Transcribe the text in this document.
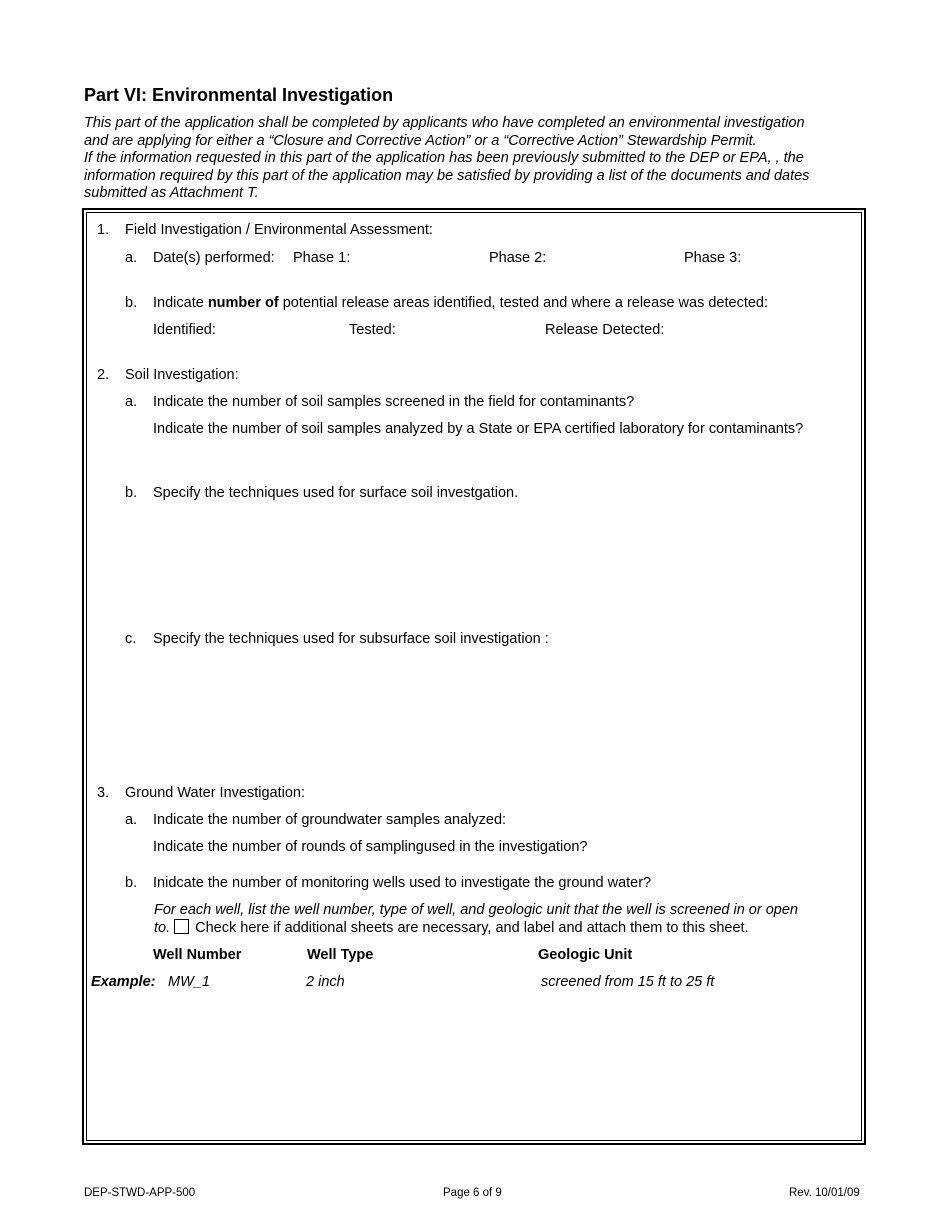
Part VI: Environmental Investigation
This part of the application shall be completed by applicants who have completed an environmental investigation
and are applying for either a “Closure and Corrective Action” or a “Corrective Action” Stewardship Permit.
If the information requested in this part of the application has been previously submitted to the DEP or EPA, , the
information required by this part of the application may be satisfied by providing a list of the documents and dates
submitted as Attachment T.
1. Field Investigation / Environmental Assessment:
a. Date(s) performed: Phase 1:	Phase 2:	Phase 3:
b. Indicate number of potential release areas identified, tested and where a release was detected:
Identified:	Tested:	Release Detected:
2. Soil Investigation:
a. Indicate the number of soil samples screened in the field for contaminants?
Indicate the number of soil samples analyzed by a State or EPA certified laboratory for contaminants?
b. Specify the techniques used for surface soil investgation.
c. Specify the techniques used for subsurface soil investigation :
3. Ground Water Investigation:
a. Indicate the number of groundwater samples analyzed:
Indicate the number of rounds of samplingused in the investigation?
b. Inidcate the number of monitoring wells used to investigate the ground water?
For each well, list the well number, type of well, and geologic unit that the well is screened in or open
to. Check here if additional sheets are necessary, and label and attach them to this sheet.
Well Number	Well Type	Geologic Unit
Example: MW_1	2 inch	screened from 15 ft to 25 ft
DEP-STWD-APP-500	Page 6 of 9	Rev. 10/01/09
